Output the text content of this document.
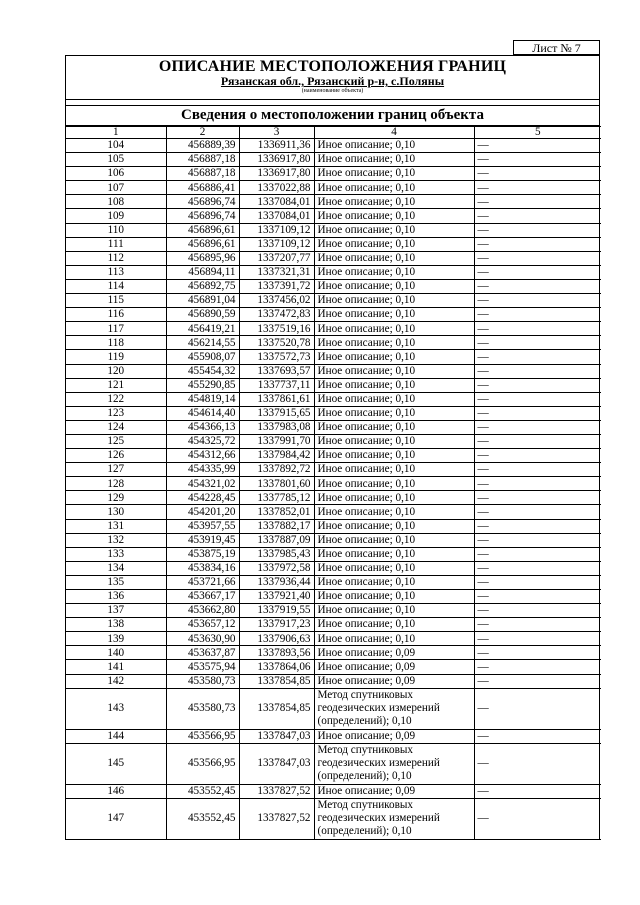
Лист № 7
ОПИСАНИЕ МЕСТОПОЛОЖЕНИЯ ГРАНИЦ
Рязанская обл., Рязанский р-н, с.Поляны
(наименование объекта)
Сведения о местоположении границ объекта
1	2	3	4	5
104	456889,39	1336911,36	Иное описание; 0,10	—
105	456887,18	1336917,80	Иное описание; 0,10	—
106	456887,18	1336917,80	Иное описание; 0,10	—
107	456886,41	1337022,88	Иное описание; 0,10	—
108	456896,74	1337084,01	Иное описание; 0,10	—
109	456896,74	1337084,01	Иное описание; 0,10	—
110	456896,61	1337109,12	Иное описание; 0,10	—
111	456896,61	1337109,12	Иное описание; 0,10	—
112	456895,96	1337207,77	Иное описание; 0,10	—
113	456894,11	1337321,31	Иное описание; 0,10	—
114	456892,75	1337391,72	Иное описание; 0,10	—
115	456891,04	1337456,02	Иное описание; 0,10	—
116	456890,59	1337472,83	Иное описание; 0,10	—
117	456419,21	1337519,16	Иное описание; 0,10	—
118	456214,55	1337520,78	Иное описание; 0,10	—
119	455908,07	1337572,73	Иное описание; 0,10	—
120	455454,32	1337693,57	Иное описание; 0,10	—
121	455290,85	1337737,11	Иное описание; 0,10	—
122	454819,14	1337861,61	Иное описание; 0,10	—
123	454614,40	1337915,65	Иное описание; 0,10	—
124	454366,13	1337983,08	Иное описание; 0,10	—
125	454325,72	1337991,70	Иное описание; 0,10	—
126	454312,66	1337984,42	Иное описание; 0,10	—
127	454335,99	1337892,72	Иное описание; 0,10	—
128	454321,02	1337801,60	Иное описание; 0,10	—
129	454228,45	1337785,12	Иное описание; 0,10	—
130	454201,20	1337852,01	Иное описание; 0,10	—
131	453957,55	1337882,17	Иное описание; 0,10	—
132	453919,45	1337887,09	Иное описание; 0,10	—
133	453875,19	1337985,43	Иное описание; 0,10	—
134	453834,16	1337972,58	Иное описание; 0,10	—
135	453721,66	1337936,44	Иное описание; 0,10	—
136	453667,17	1337921,40	Иное описание; 0,10	—
137	453662,80	1337919,55	Иное описание; 0,10	—
138	453657,12	1337917,23	Иное описание; 0,10	—
139	453630,90	1337906,63	Иное описание; 0,10	—
140	453637,87	1337893,56	Иное описание; 0,09	—
141	453575,94	1337864,06	Иное описание; 0,09	—
142	453580,73	1337854,85	Иное описание; 0,09	—
143	453580,73	1337854,85	Метод спутниковых геодезических измерений (определений); 0,10	—
144	453566,95	1337847,03	Иное описание; 0,09	—
145	453566,95	1337847,03	Метод спутниковых геодезических измерений (определений); 0,10	—
146	453552,45	1337827,52	Иное описание; 0,09	—
147	453552,45	1337827,52	Метод спутниковых геодезических измерений (определений); 0,10	—
